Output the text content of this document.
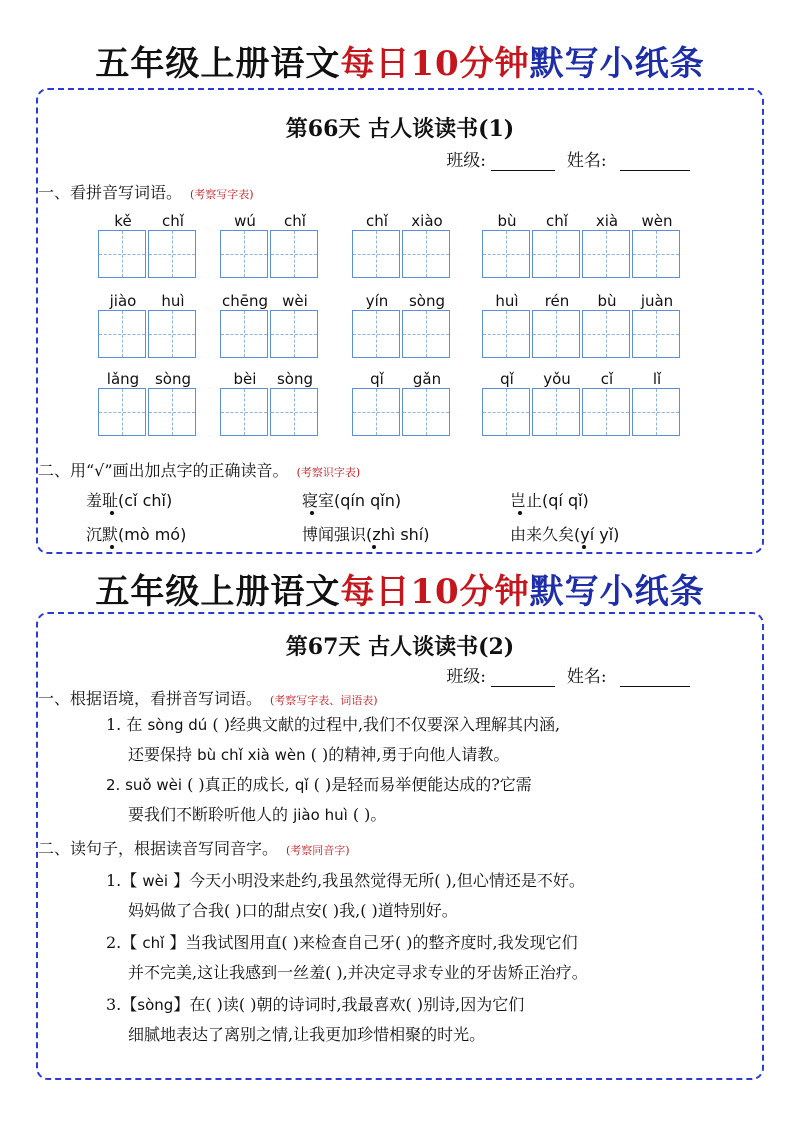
五年级上册语文每日10分钟默写小纸条
第66天 古人谈读书(1)
班级:	姓名:
一、看拼音写词语。 (考察写字表)
kě	chǐ	wú	chǐ	chǐ	xiào	bù	chǐ	xià	wèn
jiào	huì	chēng wèi	yín	sòng	huì	rén	bù	juàn
lǎng	sòng	bèi	sòng	qǐ	gǎn	qǐ	yǒu	cǐ	lǐ
二、用“√”画出加点字的正确读音。 (考察识字表)
羞耻(cǐ chǐ)	寝室(qín qǐn)	岂止(qí qǐ)
沉默(mò mó)	博闻强识(zhì shí)	由来久矣(yí yǐ)
五年级上册语文每日10分钟默写小纸条
第67天 古人谈读书(2)
班级:	姓名:
一、根据语境，看拼音写词语。 (考察写字表、词语表)
1. 在 sòng dú ( )经典文献的过程中,我们不仅要深入理解其内涵,
还要保持 bù chǐ xià wèn ( )的精神,勇于向他人请教。
2. suǒ wèi ( )真正的成长, qǐ ( )是轻而易举便能达成的?它需
要我们不断聆听他人的 jiào huì ( )。
二、读句子，根据读音写同音字。 (考察同音字)
1.【 wèi 】今天小明没来赴约,我虽然觉得无所( ),但心情还是不好。
妈妈做了合我( )口的甜点安( )我,( )道特别好。
2.【 chǐ 】当我试图用直( )来检查自己牙( )的整齐度时,我发现它们
并不完美,这让我感到一丝羞( ),并决定寻求专业的牙齿矫正治疗。
3.【sòng】在( )读( )朝的诗词时,我最喜欢( )别诗,因为它们
细腻地表达了离别之情,让我更加珍惜相聚的时光。
